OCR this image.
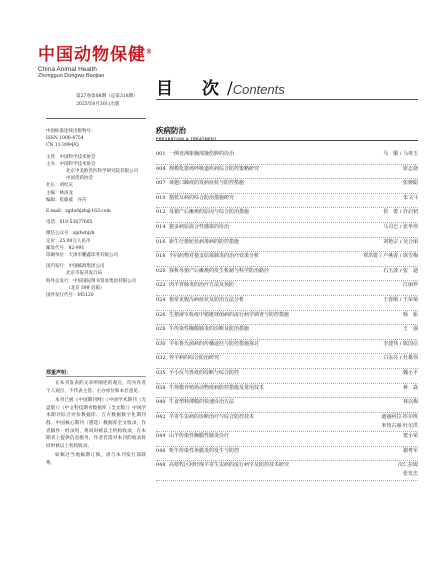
中国动物保健®
China Animal Health
Zhongguo Dongwu Baojian
第27卷第08期（总第318期）
2025年8月30日出版
中国标准连续出版物号：
ISSN 1008-4754
CN 11-3994/Q
主管：中国科学技术协会
主办：中国科学技术协会
北京中美欧兽医科学研究院有限公司
中国兽药协会
社长：刘纪庆
主编：林涛龙
编辑：崔敏威　谷莎
E-mail：zgdwbjzh@163.com
电话：010-53677685
微信公众号：zgdwbjzh
定价：25.00元人民币
邮发代号：82-991
印刷单位：天津市鹏鑫印务有限公司
国内发行：中国邮政集团公司
北京市报刊发行局
海外总发行：中国国际图书贸易集团有限公司
（北京 399 信箱）
国外发行代号：M5120
郑重声明：

在本刊发表的文章所阐述的观点，均为作者个人观点，不代表主管、主办单位和本社意见。

本刊已被《中国期刊网》《中国学术期刊（光盘版）》《中文科技期刊数据库（全文版）》中国学术期刊综合评价数据库、万方数据数字化期刊群、中国核心期刊（遴选）数据库全文收录，作者稿件一经录用，将同时被以上机构收录，在本期刊上提供信息服务，作者若需对本刊的收录将同时被以上机构收录。

如稿过当地稿期订阅，请与本刊发行部联系。

目　次 /Contents
疾病防治
PREVENTION & TREATMENT
001 一例亚洲象胸部撞伤肿的诊治	马　顺 / 马再玉
004 规模化猪场呼吸道疾病综合防控策略研究	席志骁
007 谈题口蹄疫的发病症状与防控措施	张婉聪
010 猪蓝耳病的综合防治措施研究	朱文斗
012 母猪产后瘫痪的原因与综合防治措施	侯　蕾 / 许启初
014 猪多病原混合性感染的诊治	马司仑 / 张华伟
016 新生仔猪轮状病毒病的防控措施	刘艳宗 / 吴合丽
018 不同药物对猪支原体肺炎的治疗效果分析	覃洪乾 / 卢燕香 / 徐雪梅
020 探析母猪产后瘫痪的发生机制与科学防治路径	石玉波 / 张　迪
022 肉羊胃肠炎的治疗方法及预防	江丽珍
024 猪常见腹泻病症状及防治方法分析	王春刚 / 王荣菊
026 生猪屠宰检疫中猪链球菌病的流行病学调查与防控措施	杨　振
028 牛传染性胸膜肺炎的诊断及防治措施	王　强
030 羊布鲁氏菌病的传播途径与防控措施探讨	李建伟 / 陈国信
032 养羊病的综合防治研究	白永亮 / 杜雄伟
035 羊小反刍兽疫的诊断与综合防控	魏小平
038 牛规模养殖场动物疫病防控措施及常用技术	蒋　焱
040 牛食塑料薄膜的快速诊治方法	林以梅
042 羊寄生虫病的诊断治疗与综合防控技术	迪丽阿拉·库尔班
米热古丽·吐尔洪
044 山羊传染性胸膜性肺炎诊疗	窦小荣
046 牦牛传染性角膜炎的发生与防控	谢粤军
048 高寒牧区阿旺绵羊寄生虫病的流行病学及防控技术研究	次仁拉姆
张发忠
